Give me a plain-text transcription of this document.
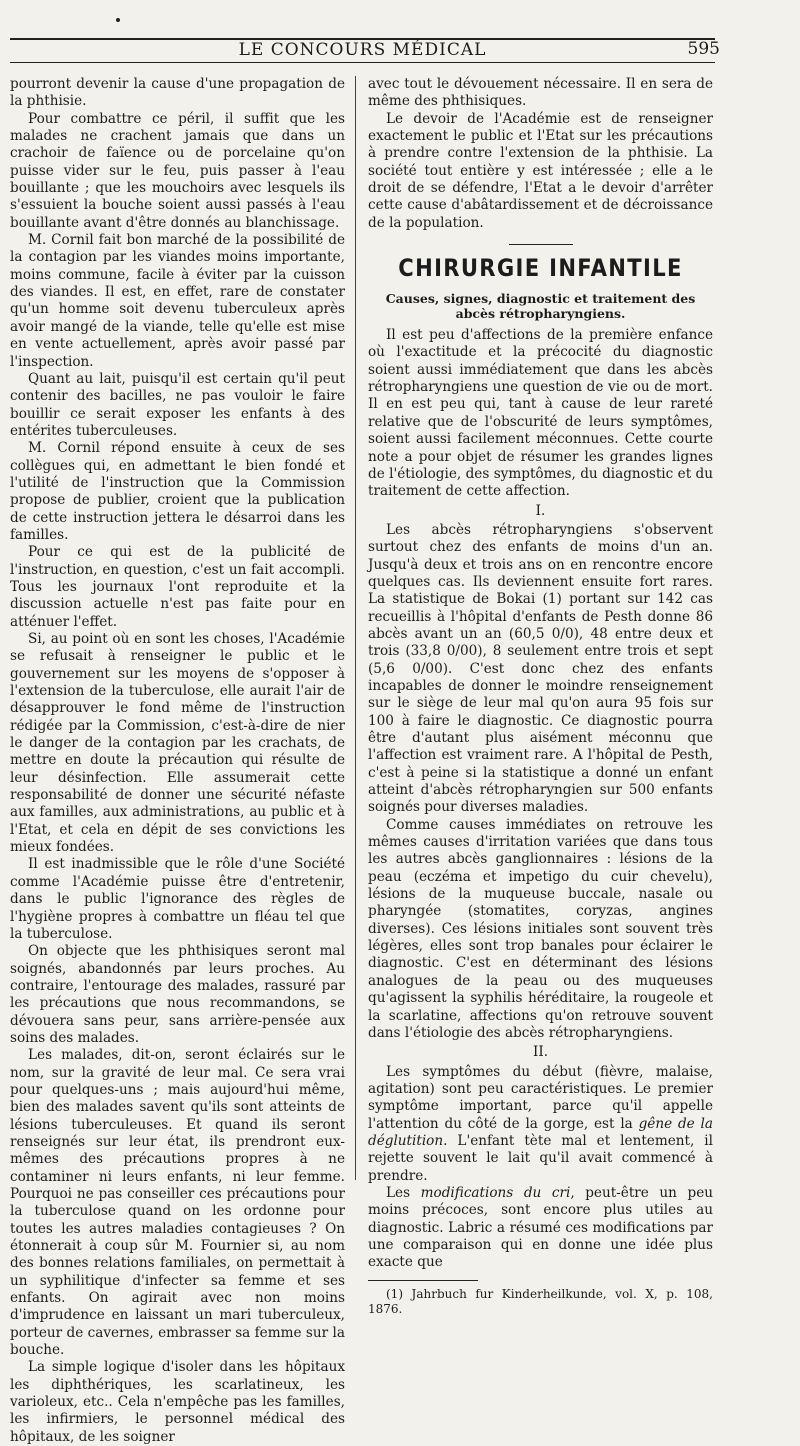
LE CONCOURS MÉDICAL	595

pourront devenir la cause d'une propagation de la phthisie.

Pour combattre ce péril, il suffit que les malades ne crachent jamais que dans un crachoir de faïence ou de porcelaine qu'on puisse vider sur le feu, puis passer à l'eau bouillante ; que les mouchoirs avec lesquels ils s'essuient la bouche soient aussi passés à l'eau bouillante avant d'être donnés au blanchissage.

M. Cornil fait bon marché de la possibilité de la contagion par les viandes moins importante, moins commune, facile à éviter par la cuisson des viandes. Il est, en effet, rare de constater qu'un homme soit devenu tuberculeux après avoir mangé de la viande, telle qu'elle est mise en vente actuellement, après avoir passé par l'inspection.

Quant au lait, puisqu'il est certain qu'il peut contenir des bacilles, ne pas vouloir le faire bouillir ce serait exposer les enfants à des entérites tuberculeuses.

M. Cornil répond ensuite à ceux de ses collègues qui, en admettant le bien fondé et l'utilité de l'instruction que la Commission propose de publier, croient que la publication de cette instruction jettera le désarroi dans les familles.

Pour ce qui est de la publicité de l'instruction, en question, c'est un fait accompli. Tous les journaux l'ont reproduite et la discussion actuelle n'est pas faite pour en atténuer l'effet.

Si, au point où en sont les choses, l'Académie se refusait à renseigner le public et le gouvernement sur les moyens de s'opposer à l'extension de la tuberculose, elle aurait l'air de désapprouver le fond même de l'instruction rédigée par la Commission, c'est-à-dire de nier le danger de la contagion par les crachats, de mettre en doute la précaution qui résulte de leur désinfection. Elle assumerait cette responsabilité de donner une sécurité néfaste aux familles, aux administrations, au public et à l'Etat, et cela en dépit de ses convictions les mieux fondées.

Il est inadmissible que le rôle d'une Société comme l'Académie puisse être d'entretenir, dans le public l'ignorance des règles de l'hygiène propres à combattre un fléau tel que la tuberculose.

On objecte que les phthisiques seront mal soignés, abandonnés par leurs proches. Au contraire, l'entourage des malades, rassuré par les précautions que nous recommandons, se dévouera sans peur, sans arrière-pensée aux soins des malades.

Les malades, dit-on, seront éclairés sur le nom, sur la gravité de leur mal. Ce sera vrai pour quelques-uns ; mais aujourd'hui même, bien des malades savent qu'ils sont atteints de lésions tuberculeuses. Et quand ils seront renseignés sur leur état, ils prendront eux-mêmes des précautions propres à ne contaminer ni leurs enfants, ni leur femme. Pourquoi ne pas conseiller ces précautions pour la tuberculose quand on les ordonne pour toutes les autres maladies contagieuses ? On étonnerait à coup sûr M. Fournier si, au nom des bonnes relations familiales, on permettait à un syphilitique d'infecter sa femme et ses enfants. On agirait avec non moins d'imprudence en laissant un mari tuberculeux, porteur de cavernes, embrasser sa femme sur la bouche.

La simple logique d'isoler dans les hôpitaux les diphthériques, les scarlatineux, les varioleux, etc.. Cela n'empêche pas les familles, les infirmiers, le personnel médical des hôpitaux, de les soigner

avec tout le dévouement nécessaire. Il en sera de même des phthisiques.

Le devoir de l'Académie est de renseigner exactement le public et l'Etat sur les précautions à prendre contre l'extension de la phthisie. La société tout entière y est intéressée ; elle a le droit de se défendre, l'Etat a le devoir d'arrêter cette cause d'abâtardissement et de décroissance de la population.

CHIRURGIE INFANTILE
Causes, signes, diagnostic et traitement des abcès rétropharyngiens.

Il est peu d'affections de la première enfance où l'exactitude et la précocité du diagnostic soient aussi immédiatement que dans les abcès rétropharyngiens une question de vie ou de mort. Il en est peu qui, tant à cause de leur rareté relative que de l'obscurité de leurs symptômes, soient aussi facilement méconnues. Cette courte note a pour objet de résumer les grandes lignes de l'étiologie, des symptômes, du diagnostic et du traitement de cette affection.

I.

Les abcès rétropharyngiens s'observent surtout chez des enfants de moins d'un an. Jusqu'à deux et trois ans on en rencontre encore quelques cas. Ils deviennent ensuite fort rares. La statistique de Bokai (1) portant sur 142 cas recueillis à l'hôpital d'enfants de Pesth donne 86 abcès avant un an (60,5 0/0), 48 entre deux et trois (33,8 0/00), 8 seulement entre trois et sept (5,6 0/00). C'est donc chez des enfants incapables de donner le moindre renseignement sur le siège de leur mal qu'on aura 95 fois sur 100 à faire le diagnostic. Ce diagnostic pourra être d'autant plus aisément méconnu que l'affection est vraiment rare. A l'hôpital de Pesth, c'est à peine si la statistique a donné un enfant atteint d'abcès rétropharyngien sur 500 enfants soignés pour diverses maladies.

Comme causes immédiates on retrouve les mêmes causes d'irritation variées que dans tous les autres abcès ganglionnaires : lésions de la peau (eczéma et impetigo du cuir chevelu), lésions de la muqueuse buccale, nasale ou pharyngée (stomatites, coryzas, angines diverses). Ces lésions initiales sont souvent très légères, elles sont trop banales pour éclairer le diagnostic. C'est en déterminant des lésions analogues de la peau ou des muqueuses qu'agissent la syphilis héréditaire, la rougeole et la scarlatine, affections qu'on retrouve souvent dans l'étiologie des abcès rétropharyngiens.

II.

Les symptômes du début (fièvre, malaise, agitation) sont peu caractéristiques. Le premier symptôme important, parce qu'il appelle l'attention du côté de la gorge, est la gêne de la déglutition. L'enfant tète mal et lentement, il rejette souvent le lait qu'il avait commencé à prendre.

Les modifications du cri, peut-être un peu moins précoces, sont encore plus utiles au diagnostic. Labric a résumé ces modifications par une comparaison qui en donne une idée plus exacte que

(1) Jahrbuch fur Kinderheilkunde, vol. X, p. 108, 1876.
